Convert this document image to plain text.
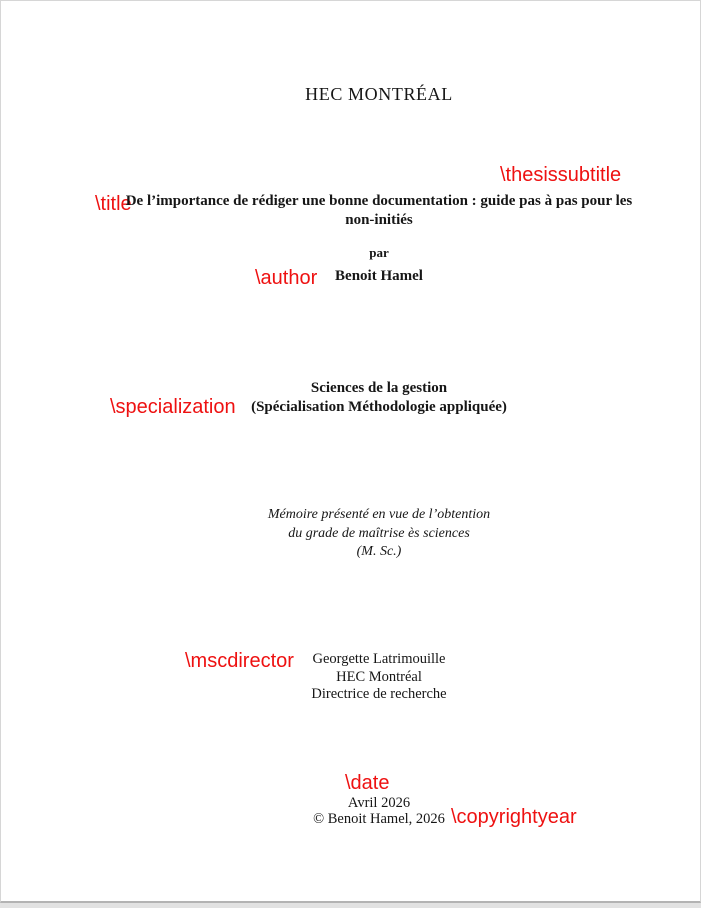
HEC MONTRÉAL
\thesissubtitle
\title
De l’importance de rédiger une bonne documentation : guide pas à pas pour les
non-initiés
par
\author	Benoit Hamel
Sciences de la gestion
(Spécialisation Méthodologie appliquée)
\specialization
Mémoire présenté en vue de l’obtention
du grade de maîtrise ès sciences
(M. Sc.)
\mscdirector	Georgette Latrimouille
HEC Montréal
Directrice de recherche
\date
Avril 2026
© Benoit Hamel, 2026 \copyrightyear
